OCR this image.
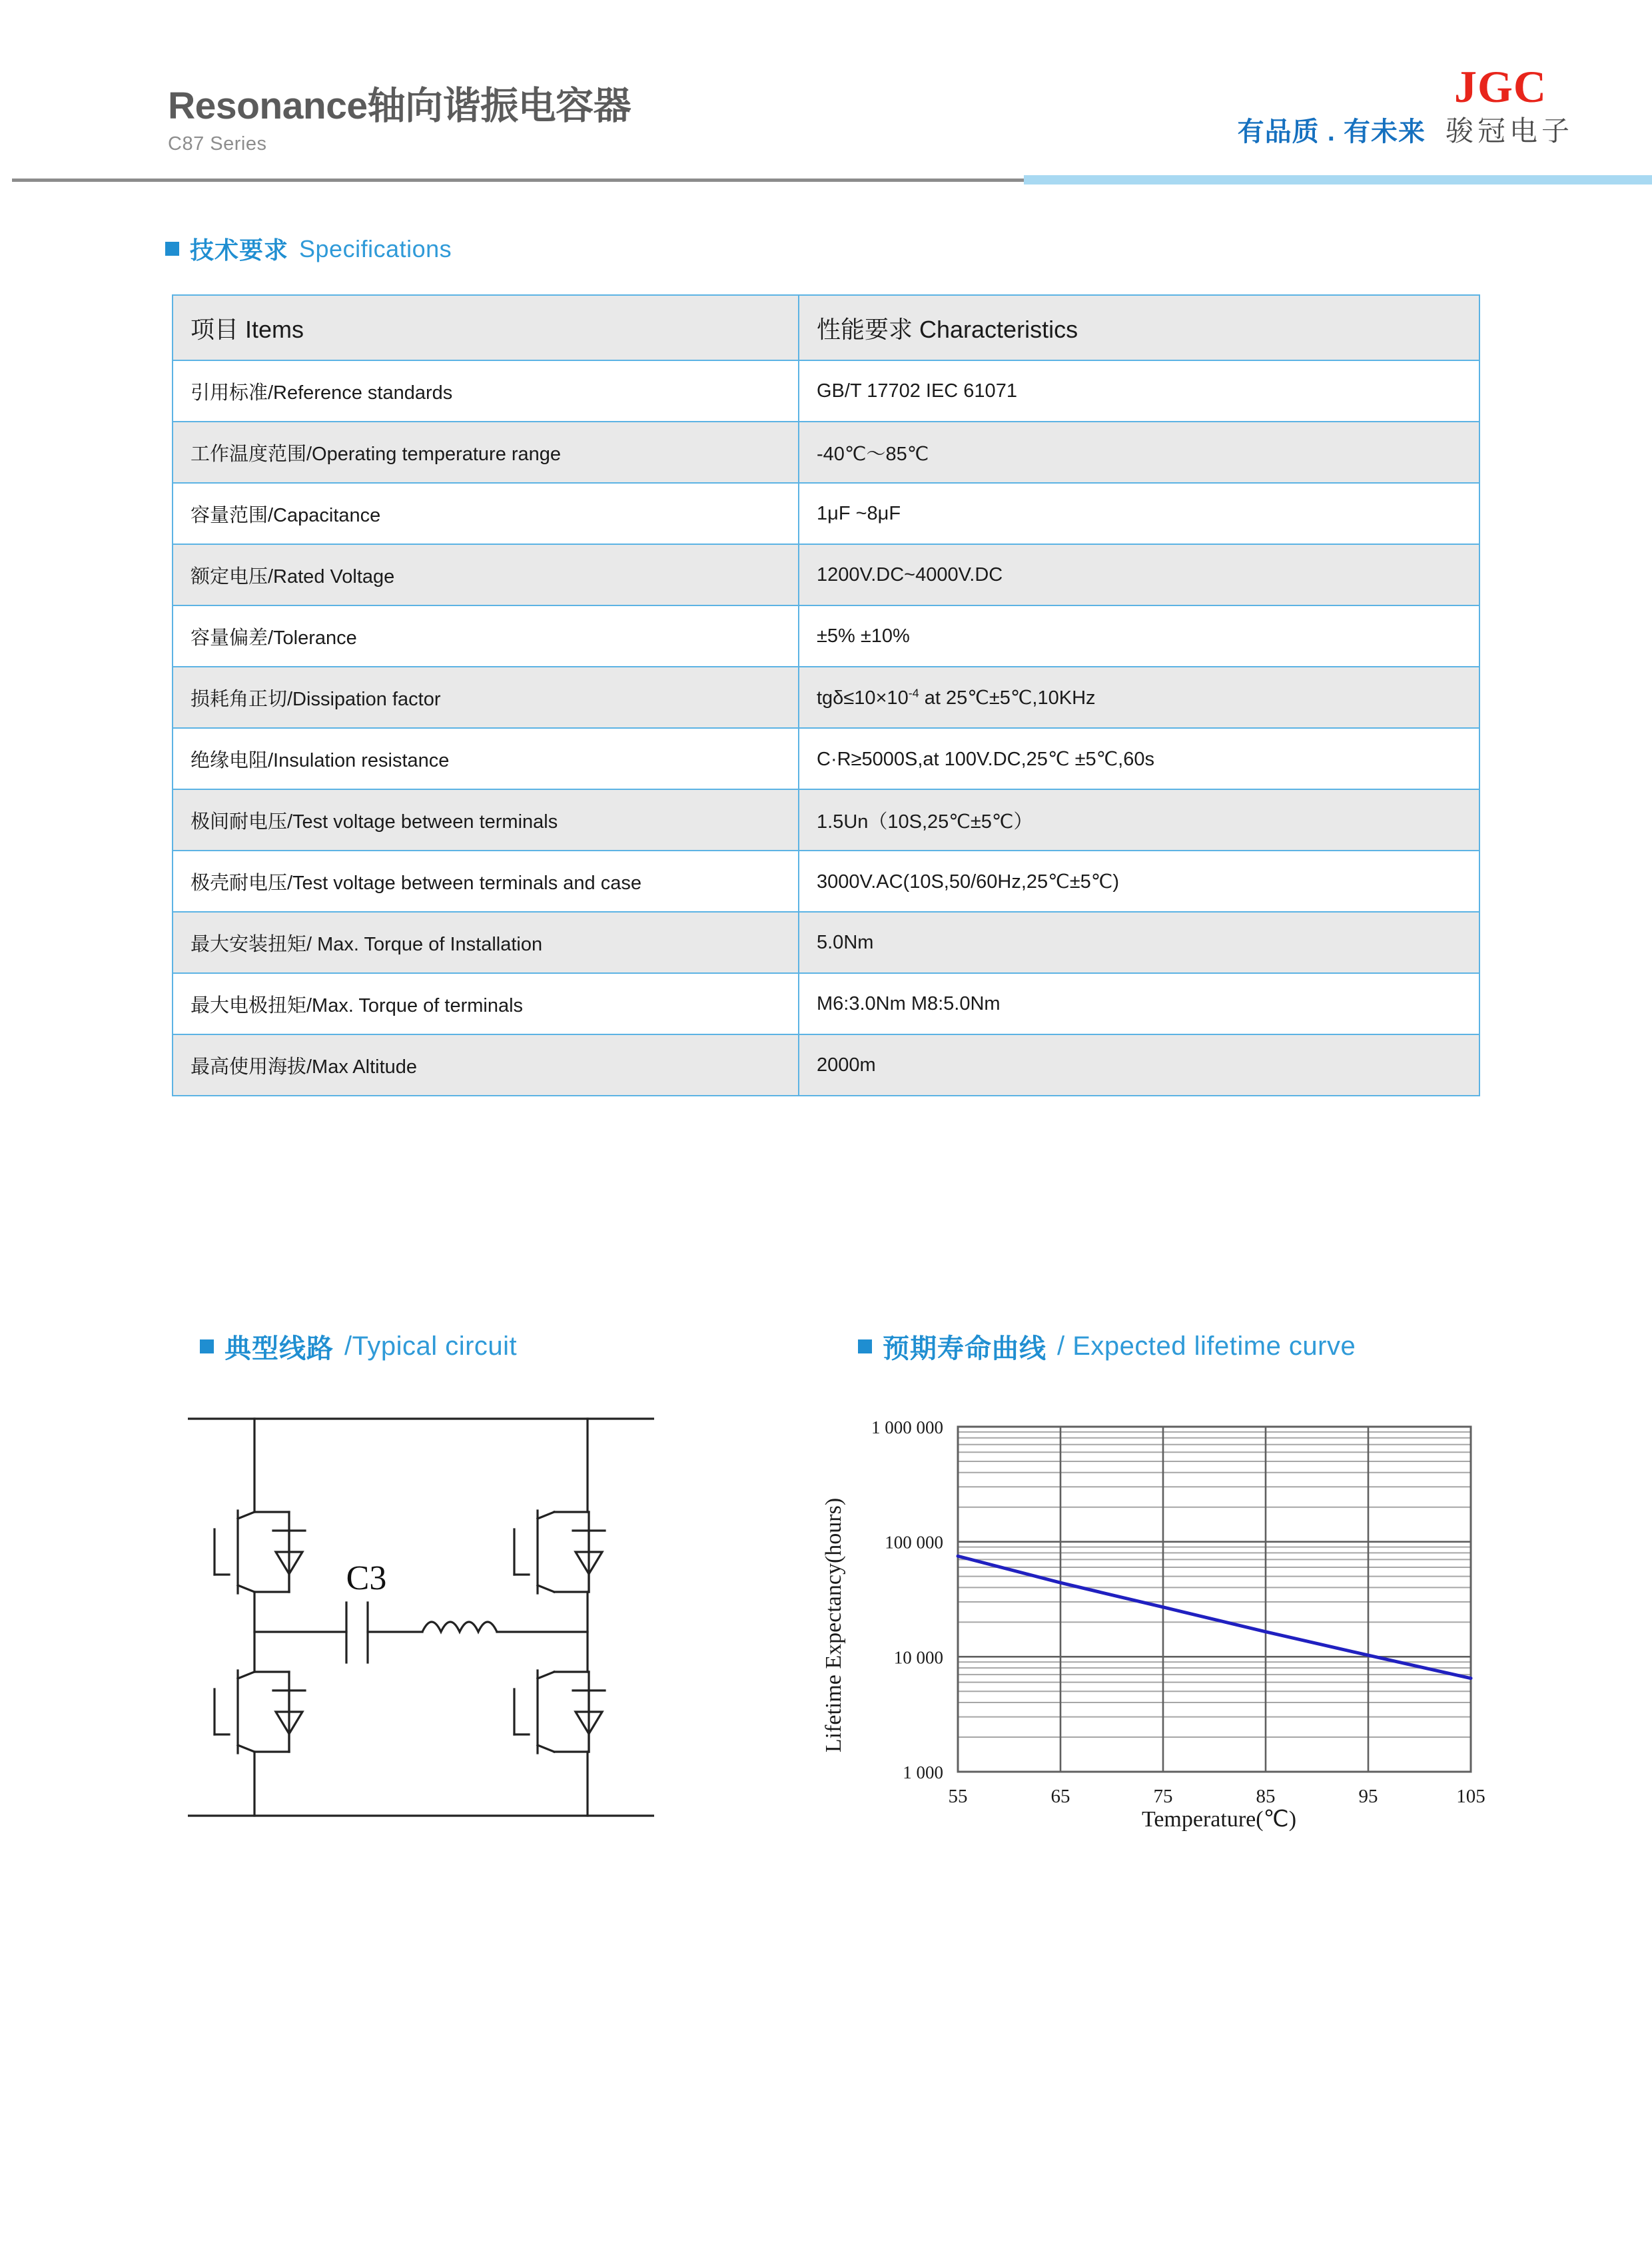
Resonance轴向谐振电容器
C87 Series
JGC
有品质 . 有未来 骏冠电子
技术要求 Specifications
项目 Items	性能要求 Characteristics
引用标准/Reference standards	GB/T 17702 IEC 61071
工作温度范围/Operating temperature range	-40℃～85℃
容量范围/Capacitance	1μF ~8μF
额定电压/Rated Voltage	1200V.DC~4000V.DC
容量偏差/Tolerance	±5% ±10%
损耗角正切/Dissipation factor	$tg\delta\le 10\times 10^{-4}$ at 25℃±5℃,10KHz
绝缘电阻/Insulation resistance	C·R≥5000S,at 100V.DC,25℃ ±5℃,60s
极间耐电压/Test voltage between terminals	1.5Un（10S,25℃±5℃）
极壳耐电压/Test voltage between terminals and case	3000V.AC(10S,50/60Hz,25℃±5℃)
最大安装扭矩/ Max. Torque of Installation	5.0Nm
最大电极扭矩/Max. Torque of terminals	M6:3.0Nm M8:5.0Nm
最高使用海拔/Max Altitude	2000m
典型线路 /Typical circuit
C3
预期寿命曲线 / Expected lifetime curve
1 000
10 000
100 000
1 000 000
55	65	75	85	95	105
Temperature(℃)
Lifetime Expectancy(hours)
